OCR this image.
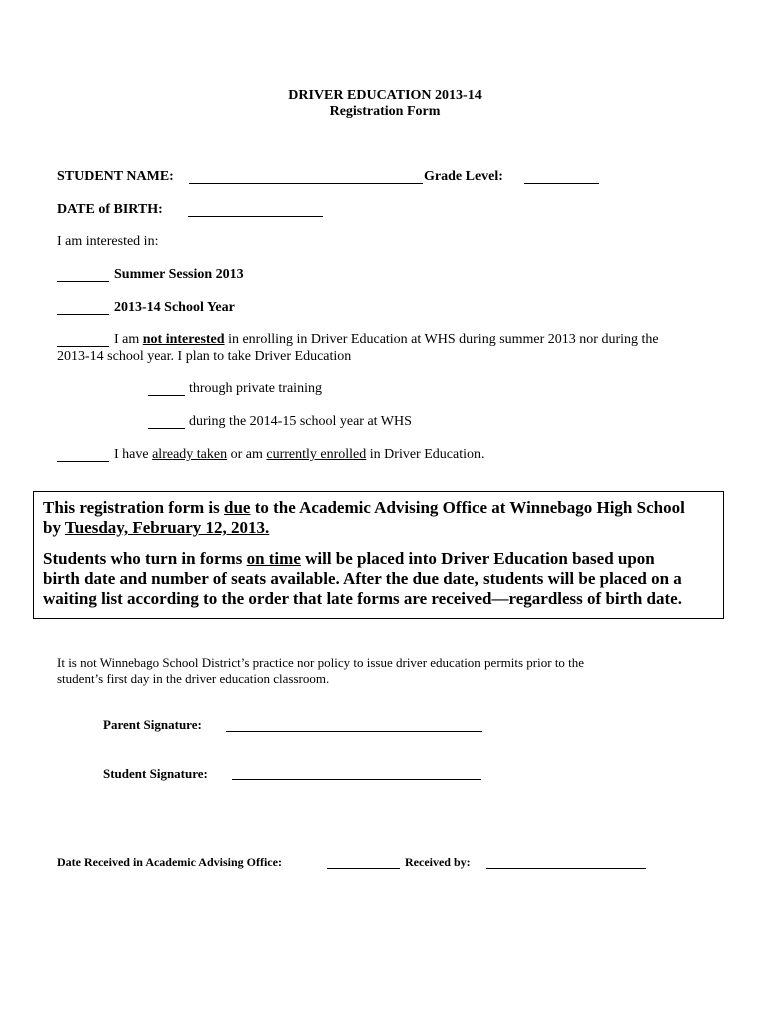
DRIVER EDUCATION 2013-14
Registration Form
STUDENT NAME:	Grade Level:
DATE of BIRTH:
I am interested in:
Summer Session 2013
2013-14 School Year
I am not interested in enrolling in Driver Education at WHS during summer 2013 nor during the
2013-14 school year. I plan to take Driver Education
through private training
during the 2014-15 school year at WHS
I have already taken or am currently enrolled in Driver Education.
This registration form is due to the Academic Advising Office at Winnebago High School
by Tuesday, February 12, 2013.
Students who turn in forms on time will be placed into Driver Education based upon
birth date and number of seats available. After the due date, students will be placed on a
waiting list according to the order that late forms are received—regardless of birth date.
It is not Winnebago School District’s practice nor policy to issue driver education permits prior to the
student’s first day in the driver education classroom.
Parent Signature:
Student Signature:
Date Received in Academic Advising Office:	Received by:
